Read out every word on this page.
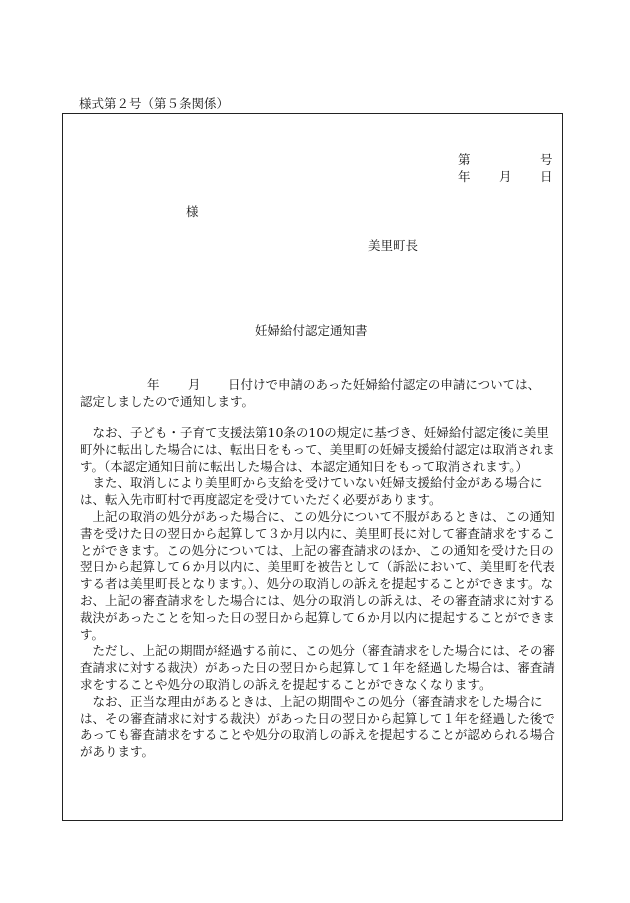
様式第２号（第５条関係）
第	号
年 月 日
様
美里町長
妊婦給付認定通知書
年 月 日付けで申請のあった妊婦給付認定の申請については、
認定しましたので通知します。

なお、子ども・子育て支援法第10条の10の規定に基づき、妊婦給付認定後に美里町外に転出した場合には、転出日をもって、美里町の妊婦支援給付認定は取消されます。（本認定通知日前に転出した場合は、本認定通知日をもって取消されます。）

また、取消しにより美里町から支給を受けていない妊婦支援給付金がある場合には、転入先市町村で再度認定を受けていただく必要があります。

上記の取消の処分があった場合に、この処分について不服があるときは、この通知書を受けた日の翌日から起算して３か月以内に、美里町長に対して審査請求をすることができます。この処分については、上記の審査請求のほか、この通知を受けた日の翌日から起算して６か月以内に、美里町を被告として（訴訟において、美里町を代表する者は美里町長となります。）、処分の取消しの訴えを提起することができます。なお、上記の審査請求をした場合には、処分の取消しの訴えは、その審査請求に対する裁決があったことを知った日の翌日から起算して６か月以内に提起することができます。

ただし、上記の期間が経過する前に、この処分（審査請求をした場合には、その審査請求に対する裁決）があった日の翌日から起算して１年を経過した場合は、審査請求をすることや処分の取消しの訴えを提起することができなくなります。

なお、正当な理由があるときは、上記の期間やこの処分（審査請求をした場合には、その審査請求に対する裁決）があった日の翌日から起算して１年を経過した後であっても審査請求をすることや処分の取消しの訴えを提起することが認められる場合があります。
